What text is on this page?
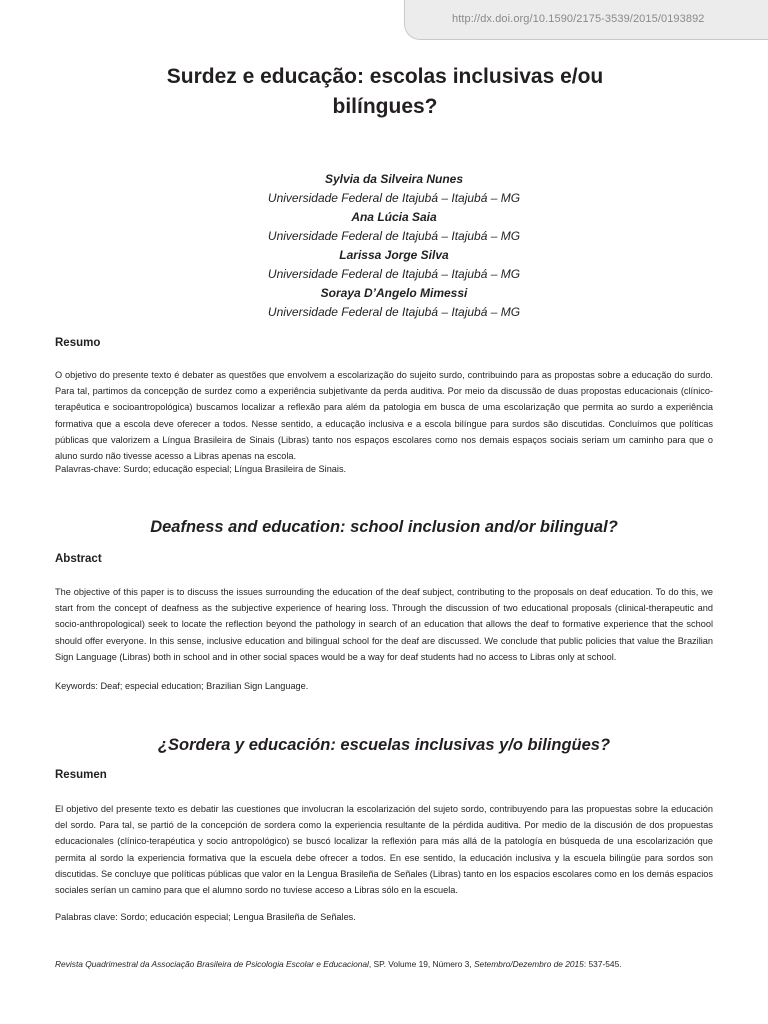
http://dx.doi.org/10.1590/2175-3539/2015/0193892
Surdez e educação: escolas inclusivas e/ou
bilíngues?
Sylvia da Silveira Nunes
Universidade Federal de Itajubá – Itajubá – MG
Ana Lúcia Saia
Universidade Federal de Itajubá – Itajubá – MG
Larissa Jorge Silva
Universidade Federal de Itajubá – Itajubá – MG
Soraya D’Angelo Mimessi
Universidade Federal de Itajubá – Itajubá – MG
Resumo

O objetivo do presente texto é debater as questões que envolvem a escolarização do sujeito surdo, contribuindo para as propostas sobre a educação do surdo. Para tal, partimos da concepção de surdez como a experiência subjetivante da perda auditiva. Por meio da discussão de duas propostas educacionais (clínico-terapêutica e socioantropológica) buscamos localizar a reflexão para além da patologia em busca de uma escolarização que permita ao surdo a experiência formativa que a escola deve oferecer a todos. Nesse sentido, a educação inclusiva e a escola bilíngue para surdos são discutidas. Concluímos que políticas públicas que valorizem a Língua Brasileira de Sinais (Libras) tanto nos espaços escolares como nos demais espaços sociais seriam um caminho para que o aluno surdo não tivesse acesso a Libras apenas na escola.

Palavras-chave: Surdo; educação especial; Língua Brasileira de Sinais.

Deafness and education: school inclusion and/or bilingual?
Abstract

The objective of this paper is to discuss the issues surrounding the education of the deaf subject, contributing to the proposals on deaf education. To do this, we start from the concept of deafness as the subjective experience of hearing loss. Through the discussion of two educational proposals (clinical-therapeutic and socio-anthropological) seek to locate the reflection beyond the pathology in search of an education that allows the deaf to formative experience that the school should offer everyone. In this sense, inclusive education and bilingual school for the deaf are discussed. We conclude that public policies that value the Brazilian Sign Language (Libras) both in school and in other social spaces would be a way for deaf students had no access to Libras only at school.

Keywords: Deaf; especial education; Brazilian Sign Language.

¿Sordera y educación: escuelas inclusivas y/o bilingües?
Resumen

El objetivo del presente texto es debatir las cuestiones que involucran la escolarización del sujeto sordo, contribuyendo para las propuestas sobre la educación del sordo. Para tal, se partió de la concepción de sordera como la experiencia resultante de la pérdida auditiva. Por medio de la discusión de dos propuestas educacionales (clínico-terapéutica y socio antropológico) se buscó localizar la reflexión para más allá de la patología en búsqueda de una escolarización que permita al sordo la experiencia formativa que la escuela debe ofrecer a todos. En ese sentido, la educación inclusiva y la escuela bilingüe para sordos son discutidas. Se concluye que políticas públicas que valor en la Lengua Brasileña de Señales (Libras) tanto en los espacios escolares como en los demás espacios sociales serían un camino para que el alumno sordo no tuviese acceso a Libras sólo en la escuela.

Palabras clave: Sordo; educación especial; Lengua Brasileña de Señales.

Revista Quadrimestral da Associação Brasileira de Psicologia Escolar e Educacional, SP. Volume 19, Número 3, Setembro/Dezembro de 2015: 537-545.
